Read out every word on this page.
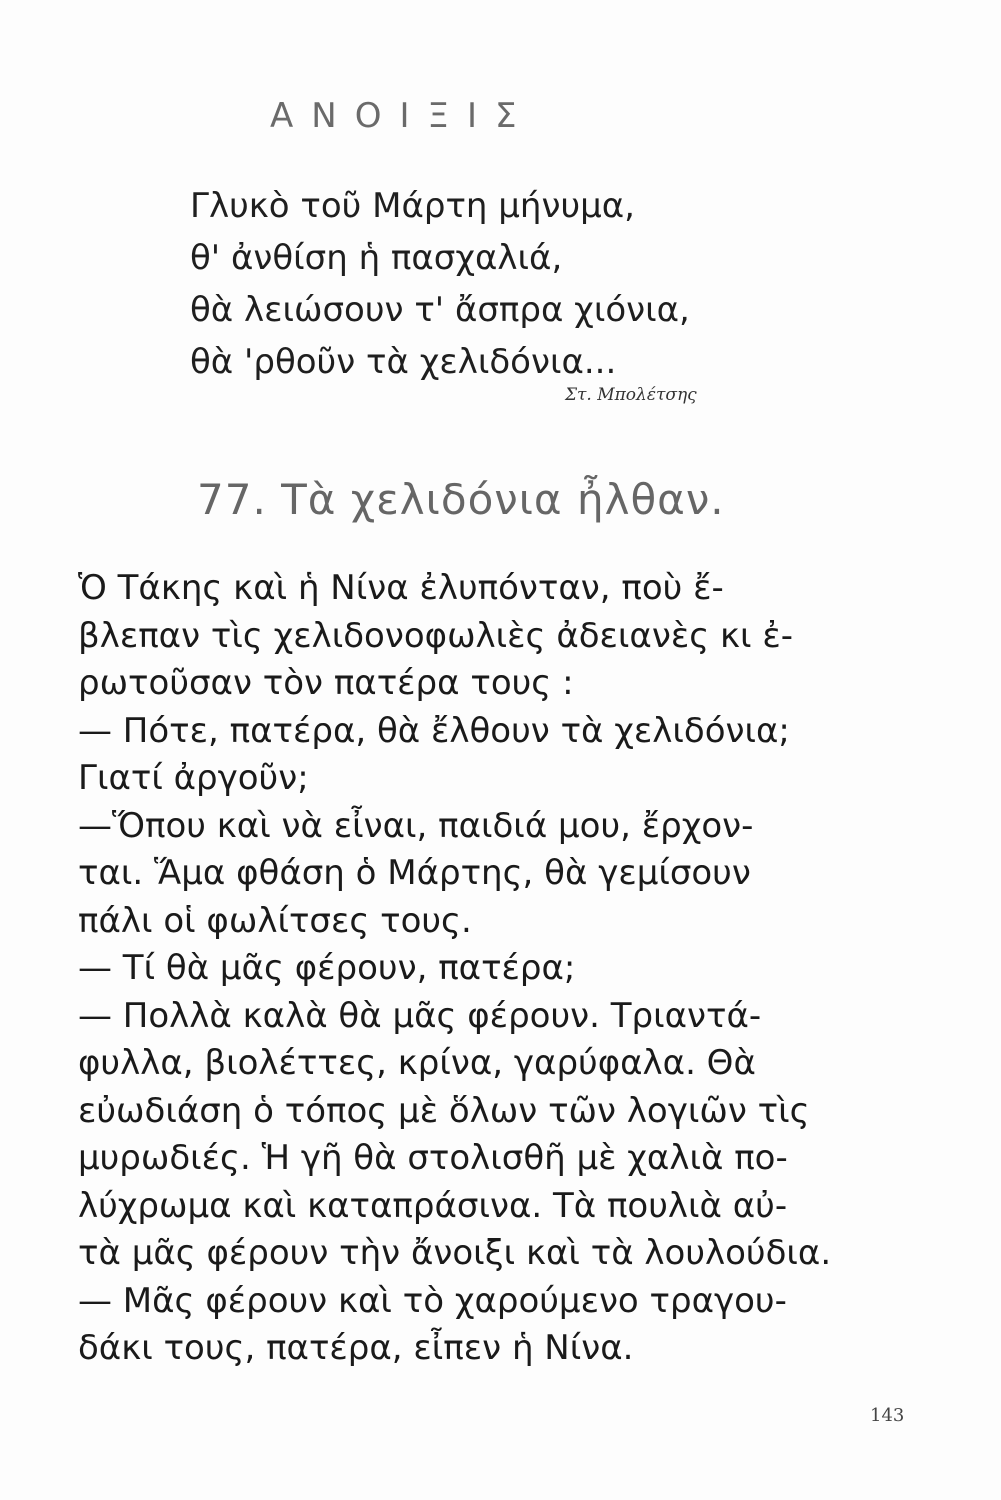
ΑΝΟΙΞΙΣ
Γλυκὸ τοῦ Μάρτη μήνυμα,
θ' ἀνθίση ἡ πασχαλιά,
θὰ λειώσουν τ' ἄσπρα χιόνια,
θὰ 'ρθοῦν τὰ χελιδόνια...
Στ. Μπολέτσης
77. Τὰ χελιδόνια ἦλθαν.
Ὁ Τάκης καὶ ἡ Νίνα ἐλυπόνταν, ποὺ ἔ-
βλεπαν τὶς χελιδονοφωλιὲς ἀδειανὲς κι ἐ-
ρωτοῦσαν τὸν πατέρα τους :
— Πότε, πατέρα, θὰ ἔλθουν τὰ χελιδόνια;
Γιατί ἀργοῦν;
—Ὅπου καὶ νὰ εἶναι, παιδιά μου, ἔρχον-
ται. Ἅμα φθάση ὁ Μάρτης, θὰ γεμίσουν
πάλι οἱ φωλίτσες τους.
— Τί θὰ μᾶς φέρουν, πατέρα;
— Πολλὰ καλὰ θὰ μᾶς φέρουν. Τριαντά-
φυλλα, βιολέττες, κρίνα, γαρύφαλα. Θὰ
εὐωδιάση ὁ τόπος μὲ ὅλων τῶν λογιῶν τὶς
μυρωδιές. Ἡ γῆ θὰ στολισθῆ μὲ χαλιὰ πο-
λύχρωμα καὶ καταπράσινα. Τὰ πουλιὰ αὐ-
τὰ μᾶς φέρουν τὴν ἄνοιξι καὶ τὰ λουλούδια.
— Μᾶς φέρουν καὶ τὸ χαρούμενο τραγου-
δάκι τους, πατέρα, εἶπεν ἡ Νίνα.
143
